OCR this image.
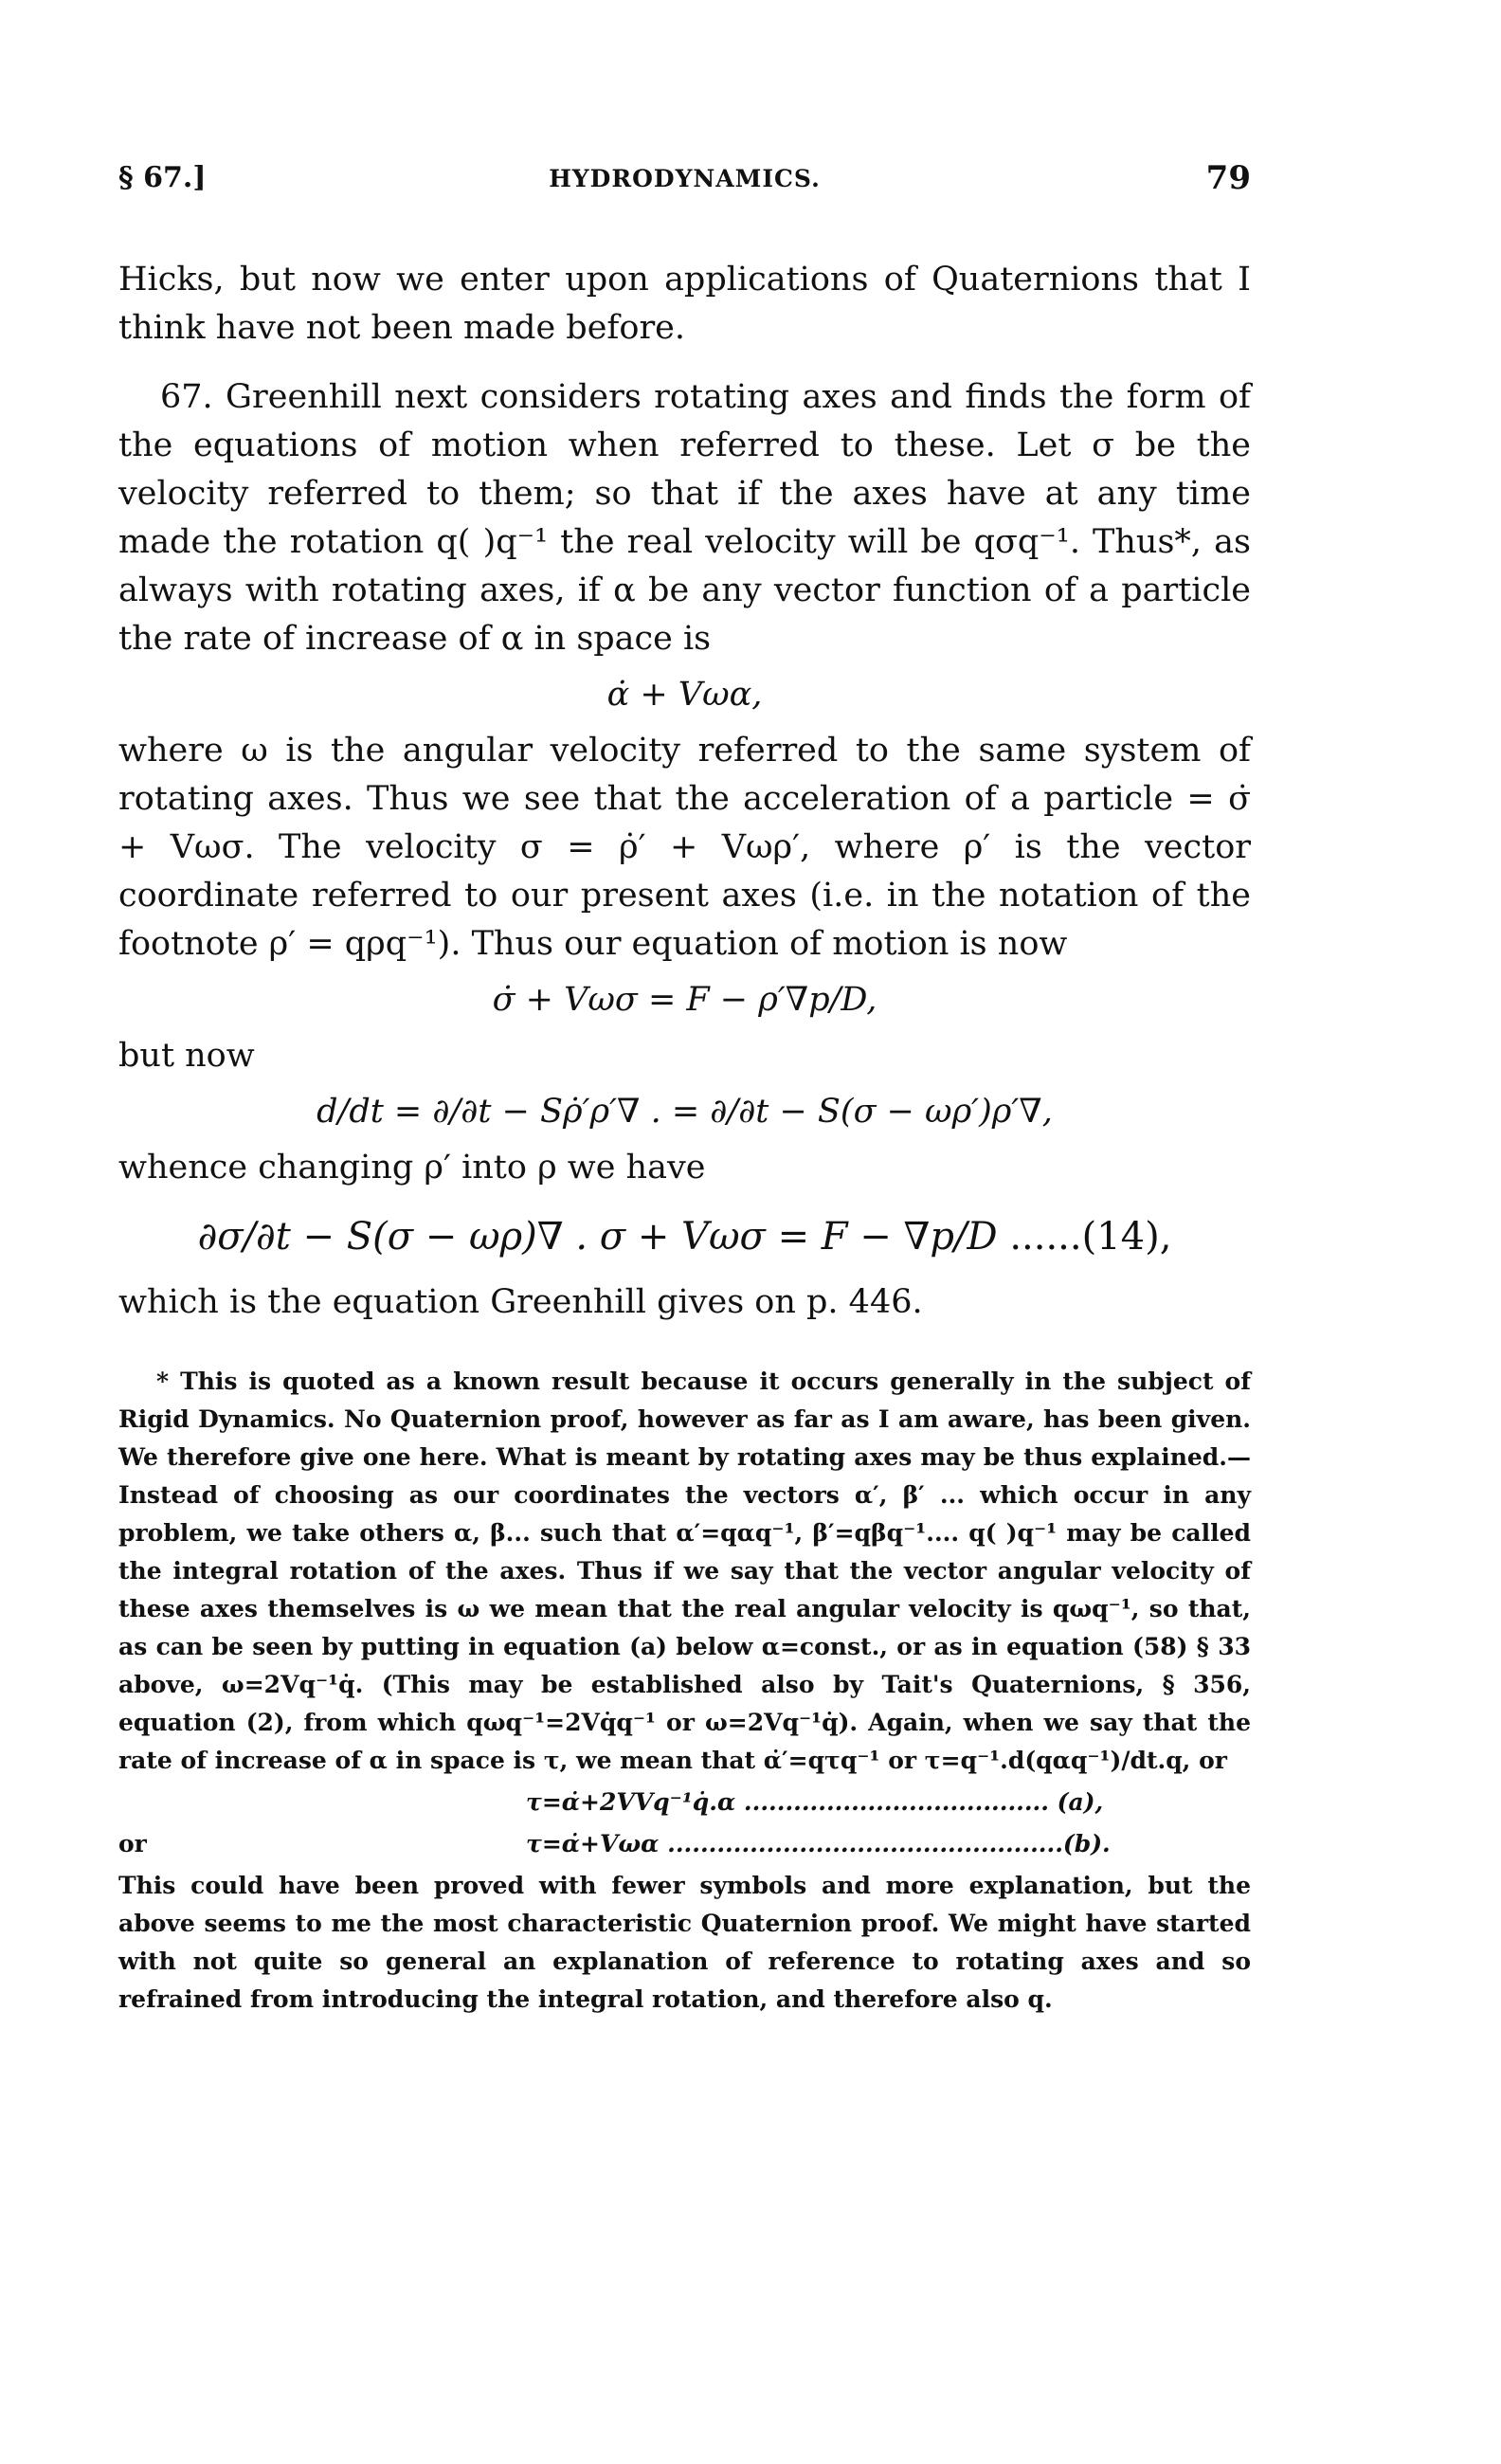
§ 67.]	HYDRODYNAMICS.	79

Hicks, but now we enter upon applications of Quaternions that I think have not been made before.

67. Greenhill next considers rotating axes and finds the form of the equations of motion when referred to these. Let σ be the velocity referred to them; so that if the axes have at any time made the rotation q( )q⁻¹ the real velocity will be qσq⁻¹. Thus*, as always with rotating axes, if α be any vector function of a particle the rate of increase of α in space is

α̇ + Vωα,

where ω is the angular velocity referred to the same system of rotating axes. Thus we see that the acceleration of a particle = σ̇ + Vωσ. The velocity σ = ρ̇′ + Vωρ′, where ρ′ is the vector coordinate referred to our present axes (i.e. in the notation of the footnote ρ′ = qρq⁻¹). Thus our equation of motion is now

σ̇ + Vωσ = F − ρ′∇p/D,

but now

d/dt = ∂/∂t − Sρ̇′ρ′∇ . = ∂/∂t − S(σ − ωρ′)ρ′∇,

whence changing ρ′ into ρ we have

∂σ/∂t − S(σ − ωρ)∇ . σ + Vωσ = F − ∇p/D ......(14),

which is the equation Greenhill gives on p. 446.

* This is quoted as a known result because it occurs generally in the subject of Rigid Dynamics. No Quaternion proof, however as far as I am aware, has been given. We therefore give one here. What is meant by rotating axes may be thus explained.—Instead of choosing as our coordinates the vectors α′, β′ ... which occur in any problem, we take others α, β... such that α′=qαq⁻¹, β′=qβq⁻¹.... q( )q⁻¹ may be called the integral rotation of the axes. Thus if we say that the vector angular velocity of these axes themselves is ω we mean that the real angular velocity is qωq⁻¹, so that, as can be seen by putting in equation (a) below α=const., or as in equation (58) § 33 above, ω=2Vq⁻¹q̇. (This may be established also by Tait's Quaternions, § 356, equation (2), from which qωq⁻¹=2Vq̇q⁻¹ or ω=2Vq⁻¹q̇). Again, when we say that the rate of increase of α in space is τ, we mean that α̇′=qτq⁻¹ or τ=q⁻¹.d(qαq⁻¹)/dt.q, or

τ=α̇+2VVq⁻¹q̇.α ..................................... (a),
or	τ=α̇+Vωα ................................................(b).

This could have been proved with fewer symbols and more explanation, but the above seems to me the most characteristic Quaternion proof. We might have started with not quite so general an explanation of reference to rotating axes and so refrained from introducing the integral rotation, and therefore also q.
